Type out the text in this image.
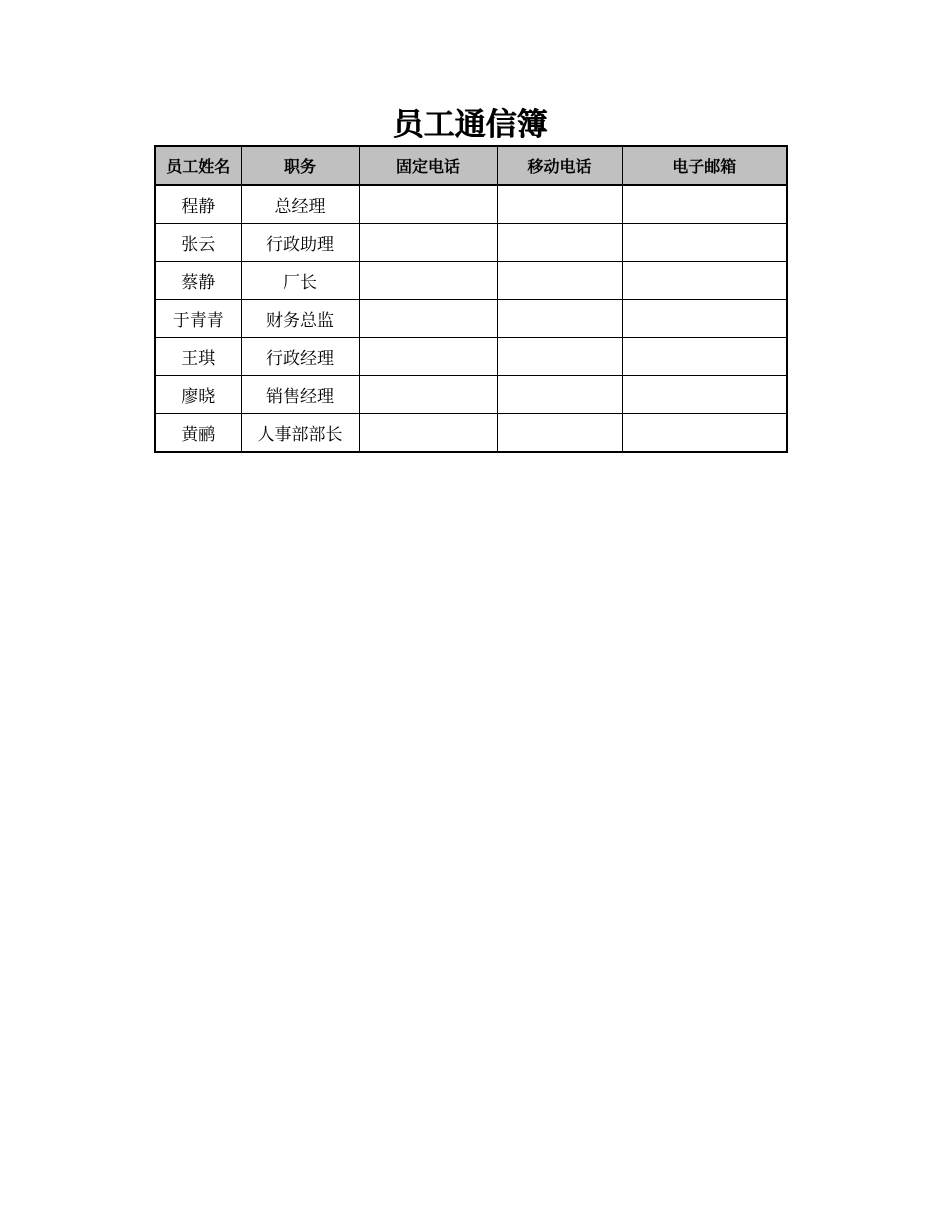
员工通信簿
员工姓名	职务	固定电话	移动电话	电子邮箱
程静	总经理			
张云	行政助理			
蔡静	厂长			
于青青	财务总监			
王琪	行政经理			
廖晓	销售经理			
黄鹂	人事部部长			
